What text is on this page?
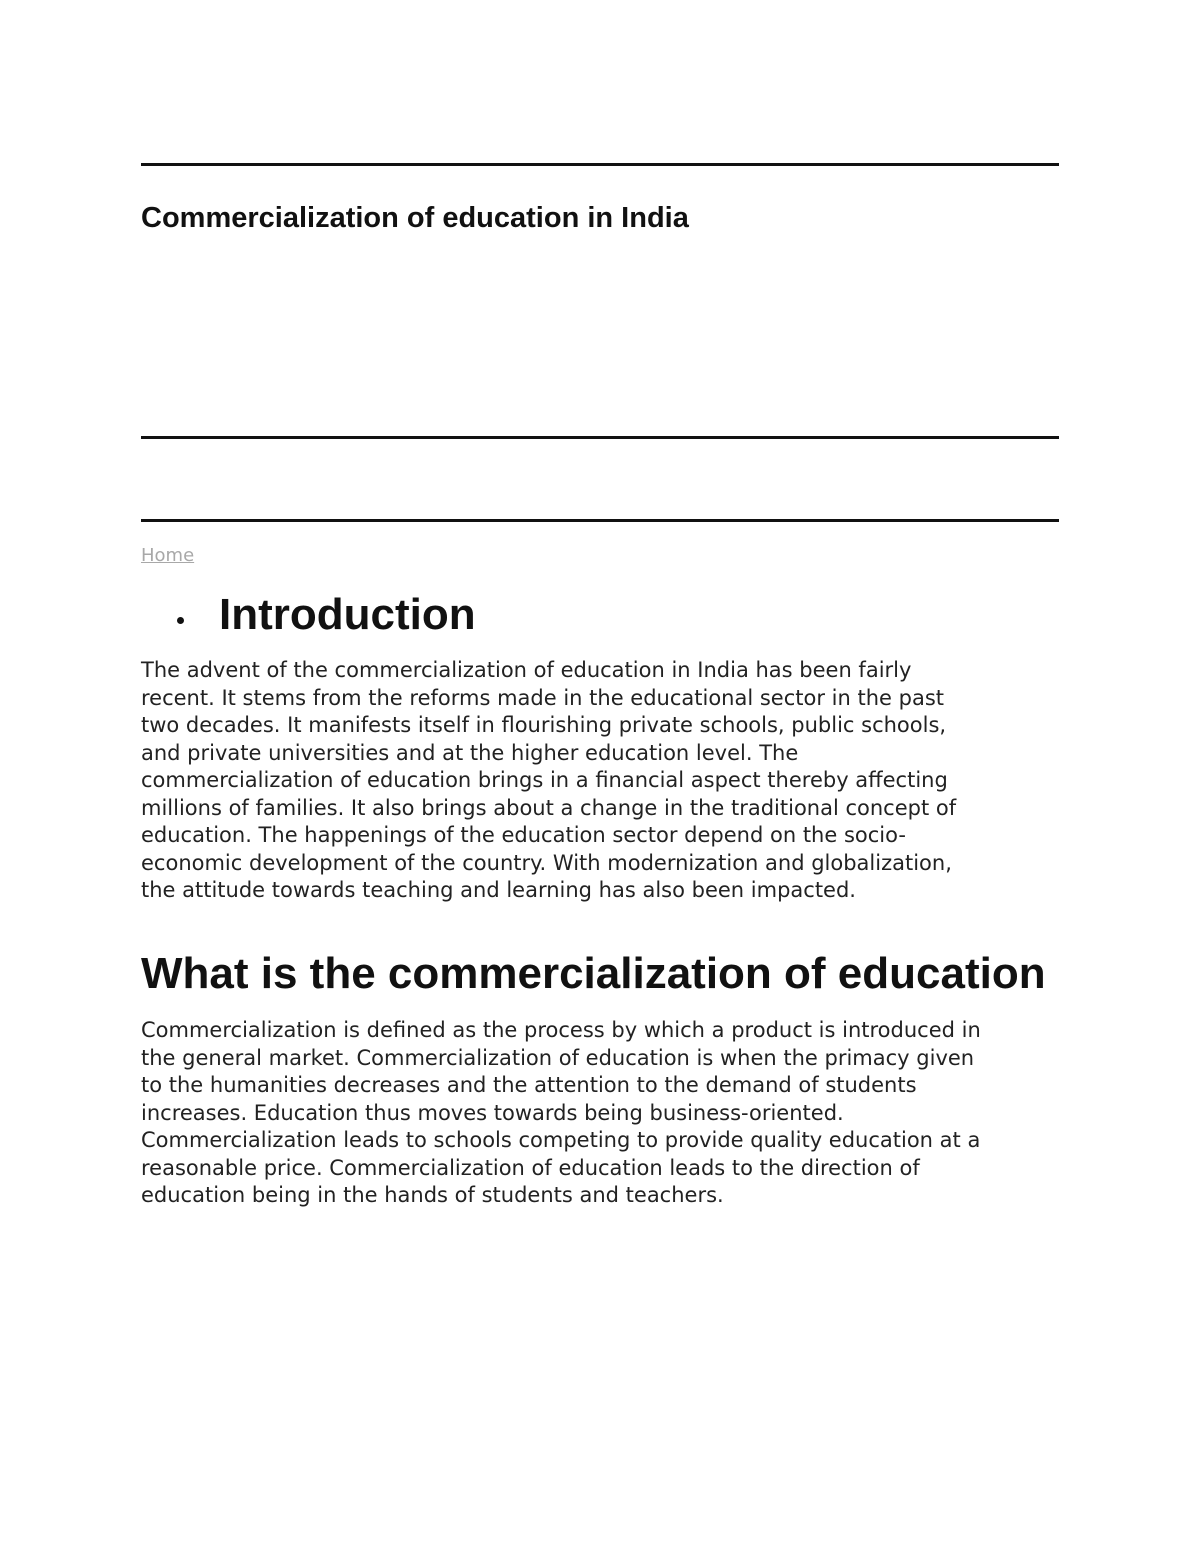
Commercialization of education in India
Home
Introduction

The advent of the commercialization of education in India has been fairly
recent. It stems from the reforms made in the educational sector in the past
two decades. It manifests itself in flourishing private schools, public schools,
and private universities and at the higher education level. The
commercialization of education brings in a financial aspect thereby affecting
millions of families. It also brings about a change in the traditional concept of
education. The happenings of the education sector depend on the socio-
economic development of the country. With modernization and globalization,
the attitude towards teaching and learning has also been impacted.

What is the commercialization of education

Commercialization is defined as the process by which a product is introduced in
the general market. Commercialization of education is when the primacy given
to the humanities decreases and the attention to the demand of students
increases. Education thus moves towards being business-oriented.
Commercialization leads to schools competing to provide quality education at a
reasonable price. Commercialization of education leads to the direction of
education being in the hands of students and teachers.
